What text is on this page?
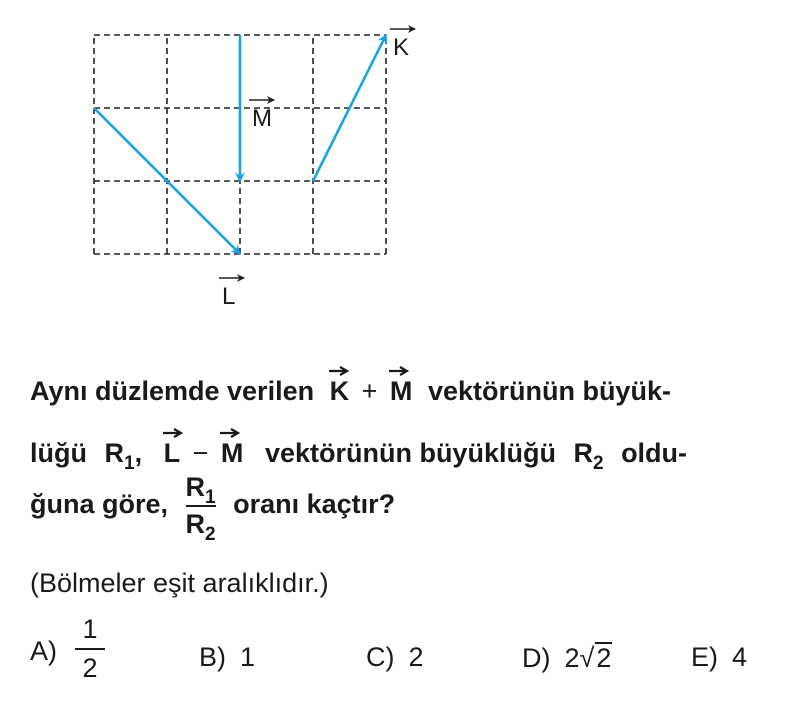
K
M
L
Aynı düzlemde verilen K + M vektörünün büyük-
lüğü $R_1$, L − M vektörünün büyüklüğü $R_2$ oldu-
ğuna göre, $\frac{R_1}{R_2}$ oranı kaçtır?
(Bölmeler eşit aralıklıdır.)
$A) \frac{1}{2}$	B) 1	C) 2	D) 2√2	E) 4
